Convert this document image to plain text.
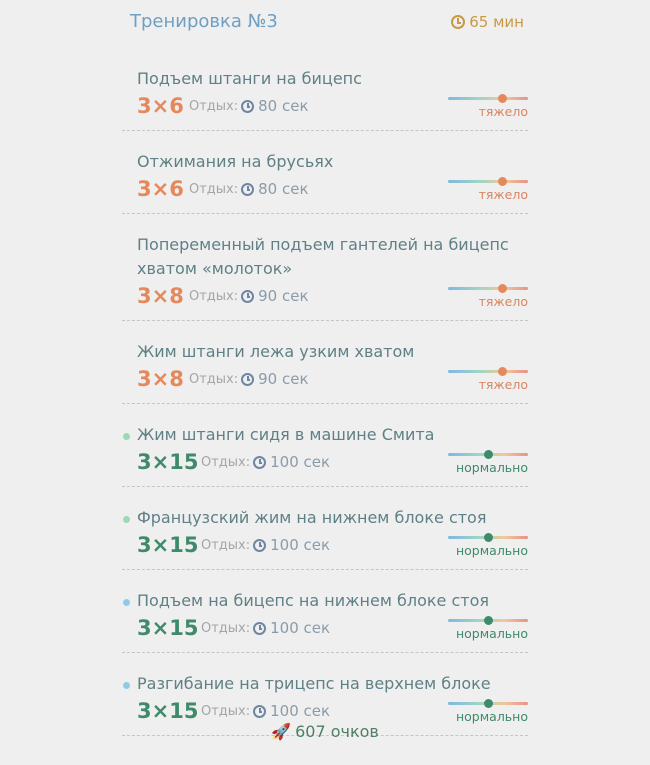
Тренировка №3	65 мин
Подъем штанги на бицепс
3×6 Отдых: 80 сек	тяжело
Отжимания на брусьях
3×6 Отдых: 80 сек	тяжело
Попеременный подъем гантелей на бицепс хватом «молоток»
3×8 Отдых: 90 сек	тяжело
Жим штанги лежа узким хватом
3×8 Отдых: 90 сек	тяжело
Жим штанги сидя в машине Смита
3×15 Отдых: 100 сек	нормально
Французский жим на нижнем блоке стоя
3×15 Отдых: 100 сек	нормально
Подъем на бицепс на нижнем блоке стоя
3×15 Отдых: 100 сек	нормально
Разгибание на трицепс на верхнем блоке
3×15 Отдых: 100 сек	нормально
🚀 607 очков
